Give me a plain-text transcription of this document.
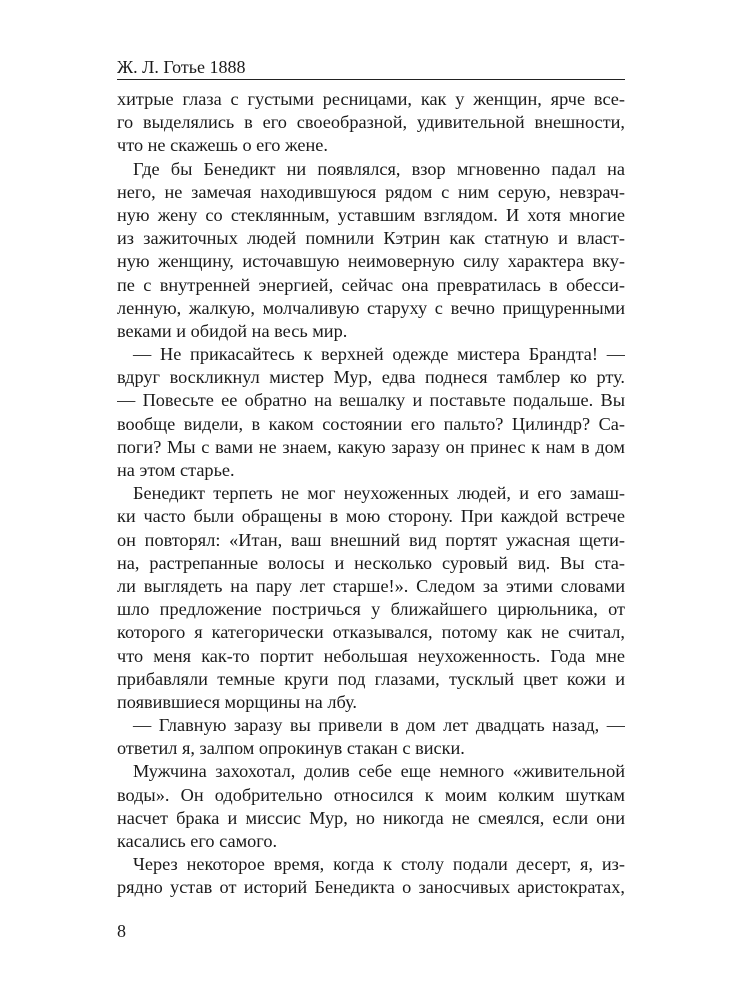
Ж. Л. Готье 1888
хитрые глаза с густыми ресницами, как у женщин, ярче все-
го выделялись в его своеобразной, удивительной внешности,
что не скажешь о его жене.
Где бы Бенедикт ни появлялся, взор мгновенно падал на
него, не замечая находившуюся рядом с ним серую, невзрач-
ную жену со стеклянным, уставшим взглядом. И хотя многие
из зажиточных людей помнили Кэтрин как статную и власт-
ную женщину, источавшую неимоверную силу характера вку-
пе с внутренней энергией, сейчас она превратилась в обесси-
ленную, жалкую, молчаливую старуху с вечно прищуренными
веками и обидой на весь мир.
— Не прикасайтесь к верхней одежде мистера Брандта! —
вдруг воскликнул мистер Мур, едва поднеся тамблер ко рту.
— Повесьте ее обратно на вешалку и поставьте подальше. Вы
вообще видели, в каком состоянии его пальто? Цилиндр? Са-
поги? Мы с вами не знаем, какую заразу он принес к нам в дом
на этом старье.
Бенедикт терпеть не мог неухоженных людей, и его замаш-
ки часто были обращены в мою сторону. При каждой встрече
он повторял: «Итан, ваш внешний вид портят ужасная щети-
на, растрепанные волосы и несколько суровый вид. Вы ста-
ли выглядеть на пару лет старше!». Следом за этими словами
шло предложение постричься у ближайшего цирюльника, от
которого я категорически отказывался, потому как не считал,
что меня как-то портит небольшая неухоженность. Года мне
прибавляли темные круги под глазами, тусклый цвет кожи и
появившиеся морщины на лбу.
— Главную заразу вы привели в дом лет двадцать назад, —
ответил я, залпом опрокинув стакан с виски.
Мужчина захохотал, долив себе еще немного «живительной
воды». Он одобрительно относился к моим колким шуткам
насчет брака и миссис Мур, но никогда не смеялся, если они
касались его самого.
Через некоторое время, когда к столу подали десерт, я, из-
рядно устав от историй Бенедикта о заносчивых аристократах,
8
